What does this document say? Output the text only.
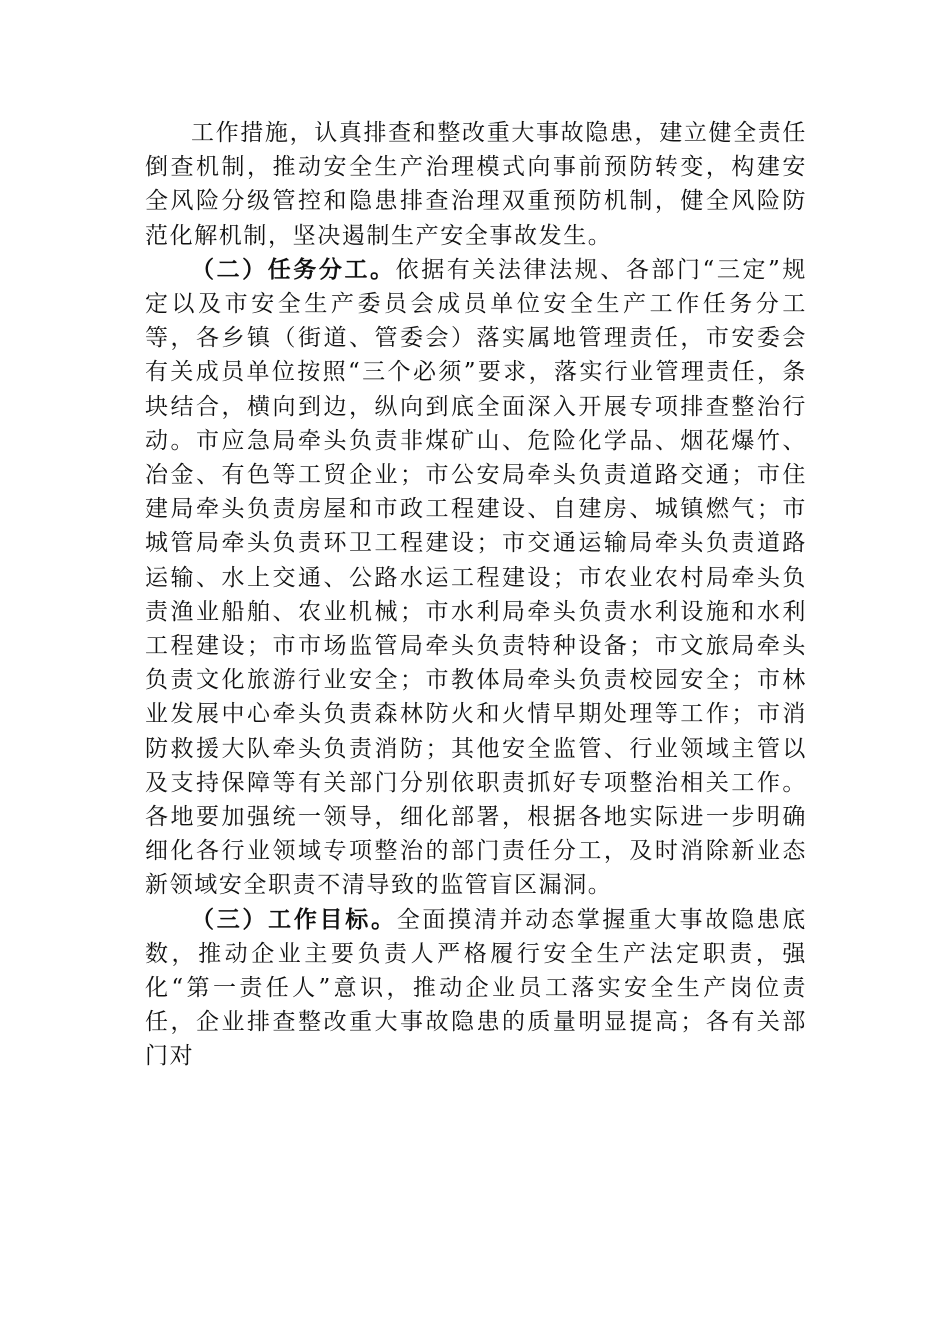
工作措施，认真排查和整改重大事故隐患，建立健全责任倒查机制，推动安全生产治理模式向事前预防转变，构建安全风险分级管控和隐患排查治理双重预防机制，健全风险防范化解机制，坚决遏制生产安全事故发生。

（二）任务分工。依据有关法律法规、各部门“三定”规定以及市安全生产委员会成员单位安全生产工作任务分工等，各乡镇（街道、管委会）落实属地管理责任，市安委会有关成员单位按照“三个必须”要求，落实行业管理责任，条块结合，横向到边，纵向到底全面深入开展专项排查整治行动。市应急局牵头负责非煤矿山、危险化学品、烟花爆竹、冶金、有色等工贸企业；市公安局牵头负责道路交通；市住建局牵头负责房屋和市政工程建设、自建房、城镇燃气；市城管局牵头负责环卫工程建设；市交通运输局牵头负责道路运输、水上交通、公路水运工程建设；市农业农村局牵头负责渔业船舶、农业机械；市水利局牵头负责水利设施和水利工程建设；市市场监管局牵头负责特种设备；市文旅局牵头负责文化旅游行业安全；市教体局牵头负责校园安全；市林业发展中心牵头负责森林防火和火情早期处理等工作；市消防救援大队牵头负责消防；其他安全监管、行业领域主管以及支持保障等有关部门分别依职责抓好专项整治相关工作。各地要加强统一领导，细化部署，根据各地实际进一步明确细化各行业领域专项整治的部门责任分工，及时消除新业态新领域安全职责不清导致的监管盲区漏洞。

（三）工作目标。全面摸清并动态掌握重大事故隐患底数，推动企业主要负责人严格履行安全生产法定职责，强化“第一责任人”意识，推动企业员工落实安全生产岗位责任，企业排查整改重大事故隐患的质量明显提高；各有关部门对
